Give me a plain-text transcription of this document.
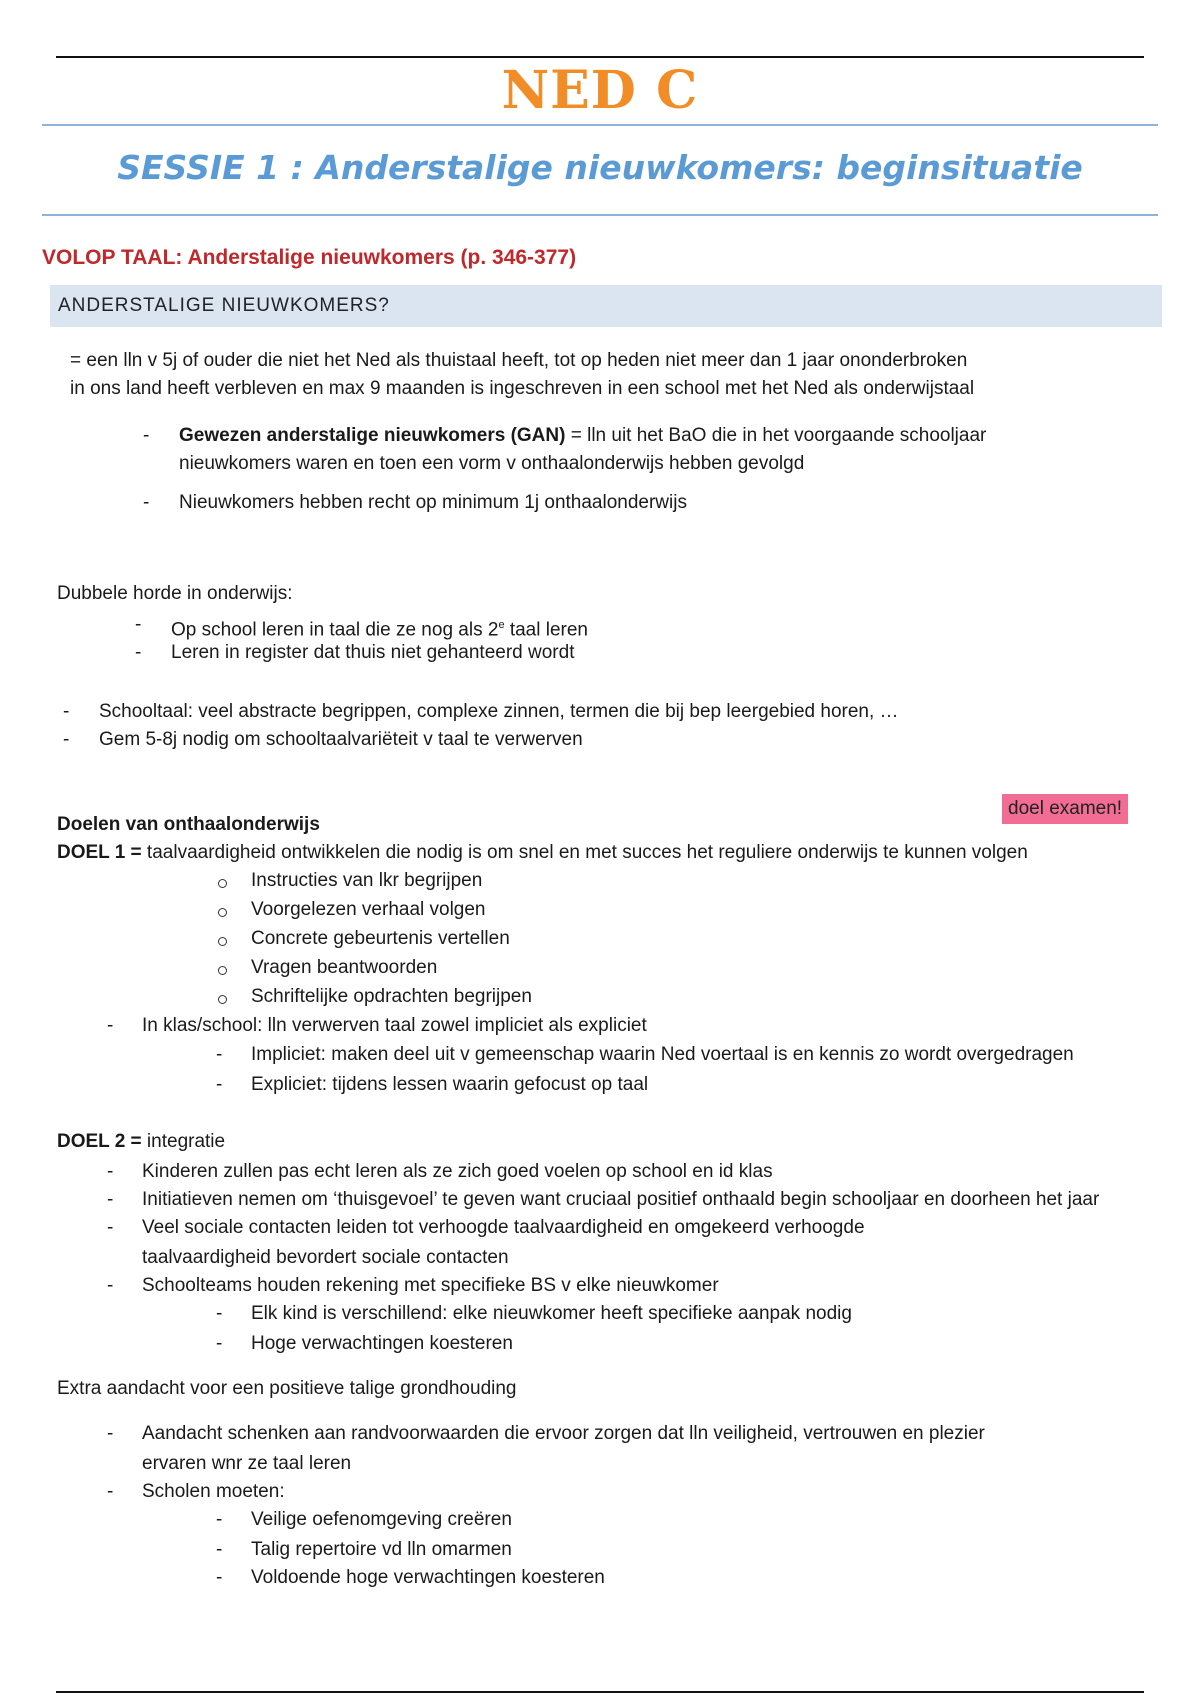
NED C
SESSIE 1 : Anderstalige nieuwkomers: beginsituatie
VOLOP TAAL: Anderstalige nieuwkomers (p. 346-377)
ANDERSTALIGE NIEUWKOMERS?
= een lln v 5j of ouder die niet het Ned als thuistaal heeft, tot op heden niet meer dan 1 jaar ononderbroken
in ons land heeft verbleven en max 9 maanden is ingeschreven in een school met het Ned als onderwijstaal
- Gewezen anderstalige nieuwkomers (GAN) = lln uit het BaO die in het voorgaande schooljaar
nieuwkomers waren en toen een vorm v onthaalonderwijs hebben gevolgd
- Nieuwkomers hebben recht op minimum 1j onthaalonderwijs
Dubbele horde in onderwijs:
- Op school leren in taal die ze nog als 2e taal leren
- Leren in register dat thuis niet gehanteerd wordt
- Schooltaal: veel abstracte begrippen, complexe zinnen, termen die bij bep leergebied horen, …
- Gem 5-8j nodig om schooltaalvariëteit v taal te verwerven
doel examen!
Doelen van onthaalonderwijs
DOEL 1 = taalvaardigheid ontwikkelen die nodig is om snel en met succes het reguliere onderwijs te kunnen volgen
Instructies van lkr begrijpen
Voorgelezen verhaal volgen
Concrete gebeurtenis vertellen
Vragen beantwoorden
Schriftelijke opdrachten begrijpen
- In klas/school: lln verwerven taal zowel impliciet als expliciet
- Impliciet: maken deel uit v gemeenschap waarin Ned voertaal is en kennis zo wordt overgedragen
- Expliciet: tijdens lessen waarin gefocust op taal
DOEL 2 = integratie
- Kinderen zullen pas echt leren als ze zich goed voelen op school en id klas
- Initiatieven nemen om ‘thuisgevoel’ te geven want cruciaal positief onthaald begin schooljaar en doorheen het jaar
- Veel sociale contacten leiden tot verhoogde taalvaardigheid en omgekeerd verhoogde
taalvaardigheid bevordert sociale contacten
- Schoolteams houden rekening met specifieke BS v elke nieuwkomer
- Elk kind is verschillend: elke nieuwkomer heeft specifieke aanpak nodig
- Hoge verwachtingen koesteren
Extra aandacht voor een positieve talige grondhouding
- Aandacht schenken aan randvoorwaarden die ervoor zorgen dat lln veiligheid, vertrouwen en plezier
ervaren wnr ze taal leren
- Scholen moeten:
- Veilige oefenomgeving creëren
- Talig repertoire vd lln omarmen
- Voldoende hoge verwachtingen koesteren
